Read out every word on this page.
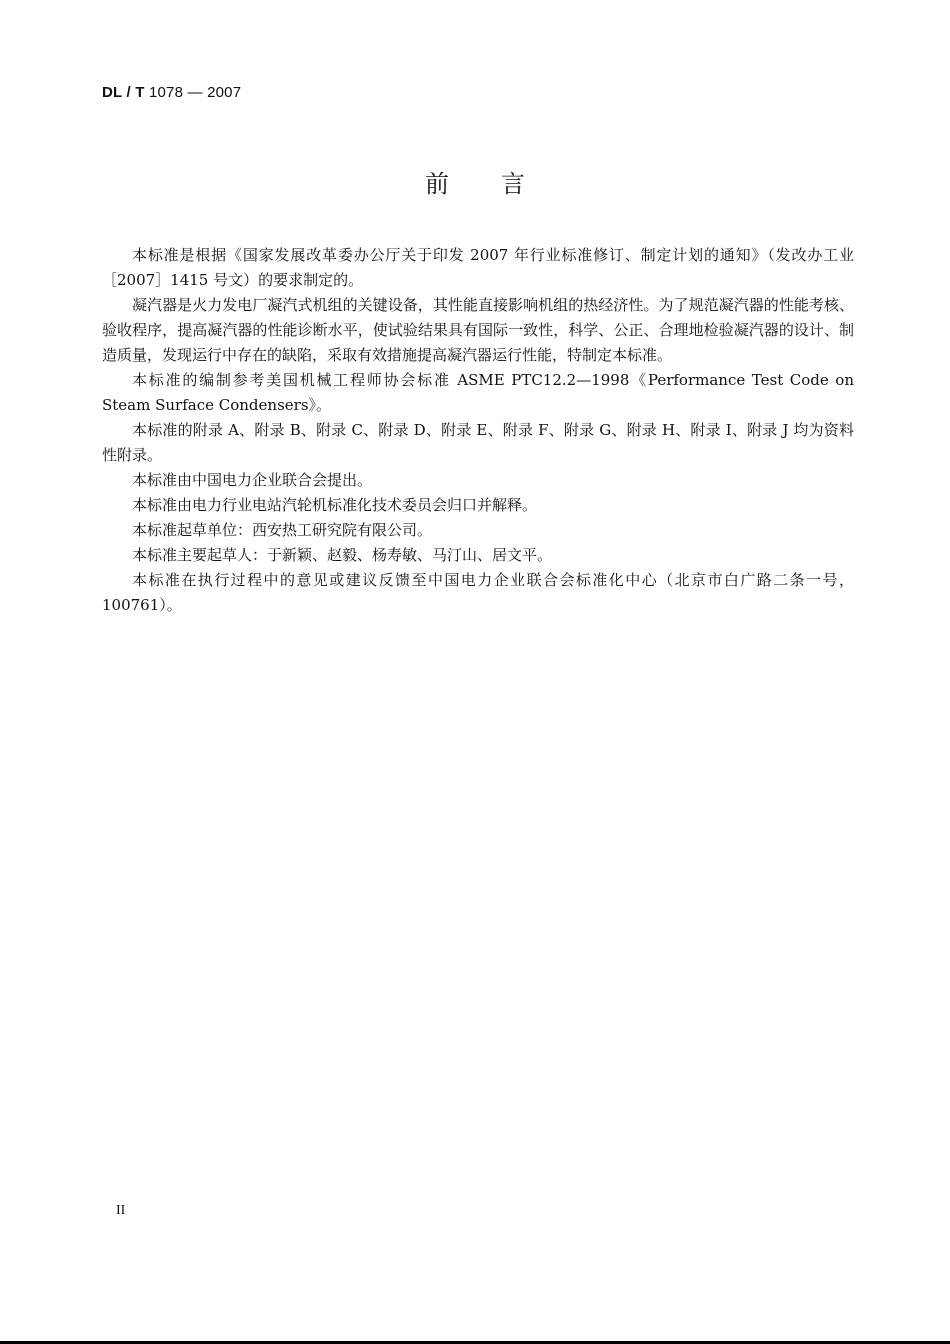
DL / T 1078 — 2007
前言

本标准是根据《国家发展改革委办公厅关于印发 2007 年行业标准修订、制定计划的通知》（发改办工业［2007］1415 号文）的要求制定的。

凝汽器是火力发电厂凝汽式机组的关键设备，其性能直接影响机组的热经济性。为了规范凝汽器的性能考核、验收程序，提高凝汽器的性能诊断水平，使试验结果具有国际一致性，科学、公正、合理地检验凝汽器的设计、制造质量，发现运行中存在的缺陷，采取有效措施提高凝汽器运行性能，特制定本标准。

本标准的编制参考美国机械工程师协会标准 ASME PTC12.2—1998《Performance Test Code on Steam Surface Condensers》。

本标准的附录 A、附录 B、附录 C、附录 D、附录 E、附录 F、附录 G、附录 H、附录 I、附录 J 均为资料性附录。

本标准由中国电力企业联合会提出。

本标准由电力行业电站汽轮机标准化技术委员会归口并解释。

本标准起草单位：西安热工研究院有限公司。

本标准主要起草人：于新颖、赵毅、杨寿敏、马汀山、居文平。

本标准在执行过程中的意见或建议反馈至中国电力企业联合会标准化中心（北京市白广路二条一号，100761）。

II
